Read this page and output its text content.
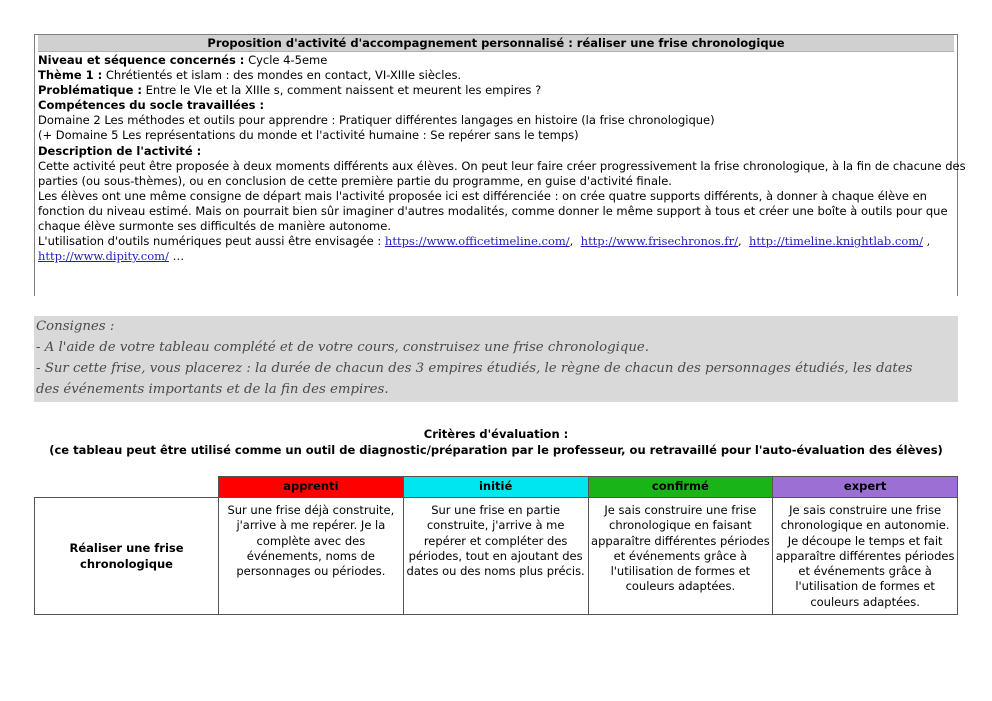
Proposition d'activité d'accompagnement personnalisé : réaliser une frise chronologique
Niveau et séquence concernés : Cycle 4-5eme
Thème 1 : Chrétientés et islam : des mondes en contact, VI-XIIIe siècles.
Problématique : Entre le VIe et la XIIIe s, comment naissent et meurent les empires ?
Compétences du socle travaillées :
Domaine 2 Les méthodes et outils pour apprendre : Pratiquer différentes langages en histoire (la frise chronologique)
(+ Domaine 5 Les représentations du monde et l'activité humaine : Se repérer sans le temps)
Description de l'activité :
Cette activité peut être proposée à deux moments différents aux élèves. On peut leur faire créer progressivement la frise chronologique, à la fin de chacune des
parties (ou sous-thèmes), ou en conclusion de cette première partie du programme, en guise d'activité finale.
Les élèves ont une même consigne de départ mais l'activité proposée ici est différenciée : on crée quatre supports différents, à donner à chaque élève en
fonction du niveau estimé. Mais on pourrait bien sûr imaginer d'autres modalités, comme donner le même support à tous et créer une boîte à outils pour que
chaque élève surmonte ses difficultés de manière autonome.
L'utilisation d'outils numériques peut aussi être envisagée : https://www.officetimeline.com/,  http://www.frisechronos.fr/,  http://timeline.knightlab.com/ ,
http://www.dipity.com/ …
Consignes :
- A l'aide de votre tableau complété et de votre cours, construisez une frise chronologique.
- Sur cette frise, vous placerez : la durée de chacun des 3 empires étudiés, le règne de chacun des personnages étudiés, les dates
des événements importants et de la fin des empires.
Critères d'évaluation :
(ce tableau peut être utilisé comme un outil de diagnostic/préparation par le professeur, ou retravaillé pour l'auto-évaluation des élèves)
	apprenti	initié	confirmé	expert

Réaliser une frise chronologique	Sur une frise déjà construite, j'arrive à me repérer. Je la complète avec des événements, noms de personnages ou périodes.	Sur une frise en partie construite, j'arrive à me repérer et compléter des périodes, tout en ajoutant des dates ou des noms plus précis.	Je sais construire une frise chronologique en faisant apparaître différentes périodes et événements grâce à l'utilisation de formes et couleurs adaptées.	Je sais construire une frise chronologique en autonomie. Je découpe le temps et fait apparaître différentes périodes et événements grâce à l'utilisation de formes et couleurs adaptées.
